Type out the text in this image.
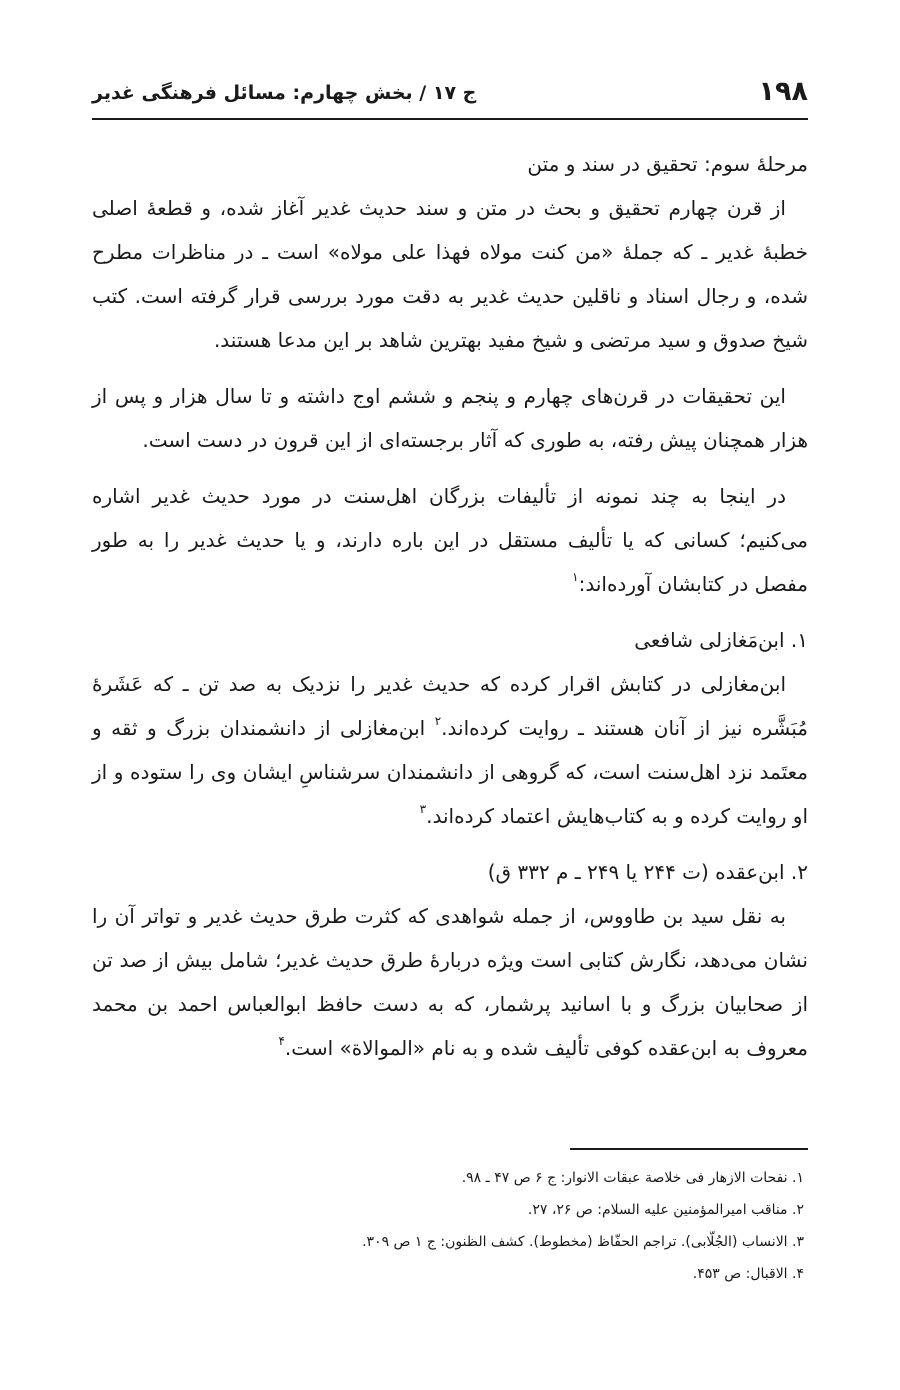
۱۹۸
ج ۱۷ / بخش چهارم: مسائل فرهنگی غدیر

مرحلهٔ سوم: تحقیق در سند و متن

از قرن چهارم تحقیق و بحث در متن و سند حدیث غدیر آغاز شده، و قطعهٔ اصلی خطبهٔ غدیر ـ که جملهٔ «من کنت مولاه فهذا علی مولاه» است ـ در مناظرات مطرح شده، و رجال اسناد و ناقلین حدیث غدیر به دقت مورد بررسی قرار گرفته است. کتب شیخ صدوق و سید مرتضی و شیخ مفید بهترین شاهد بر این مدعا هستند.

این تحقیقات در قرن‌های چهارم و پنجم و ششم اوج داشته و تا سال هزار و پس از هزار همچنان پیش رفته، به طوری که آثار برجسته‌ای از این قرون در دست است.

در اینجا به چند نمونه از تألیفات بزرگان اهل‌سنت در مورد حدیث غدیر اشاره می‌کنیم؛ کسانی که یا تألیف مستقل در این باره دارند، و یا حدیث غدیر را به طور مفصل در کتابشان آورده‌اند:$^۱$

۱. ابن‌مَغازلی شافعی

ابن‌مغازلی در کتابش اقرار کرده که حدیث غدیر را نزدیک به صد تن ـ که عَشَرهٔ مُبَشَّره نیز از آنان هستند ـ روایت کرده‌اند.$^۲$ ابن‌مغازلی از دانشمندان بزرگ و ثقه و معتَمد نزد اهل‌سنت است، که گروهی از دانشمندان سرشناسِ ایشان وی را ستوده و از او روایت کرده و به کتاب‌هایش اعتماد کرده‌اند.$^۳$

۲. ابن‌عقده (ت ۲۴۴ یا ۲۴۹ ـ م ۳۳۲ ق)

به نقل سید بن طاووس، از جمله شواهدی که کثرت طرق حدیث غدیر و تواتر آن را نشان می‌دهد، نگارش کتابی است ویژه دربارهٔ طرق حدیث غدیر؛ شامل بیش از صد تن از صحابیان بزرگ و با اسانید پرشمار، که به دست حافظ ابوالعباس احمد بن محمد معروف به ابن‌عقده کوفی تألیف شده و به نام «الموالاة» است.$^۴$

۱. نفحات الازهار فی خلاصة عبقات الانوار: ج ۶ ص ۴۷ ـ ۹۸.
۲. مناقب امیرالمؤمنین علیه السلام: ص ۲۶، ۲۷.
۳. الانساب (الجُلّابی). تراجم الحفّاظ (مخطوط). کشف الظنون: ج ۱ ص ۳۰۹.
۴. الاقبال: ص ۴۵۳.
